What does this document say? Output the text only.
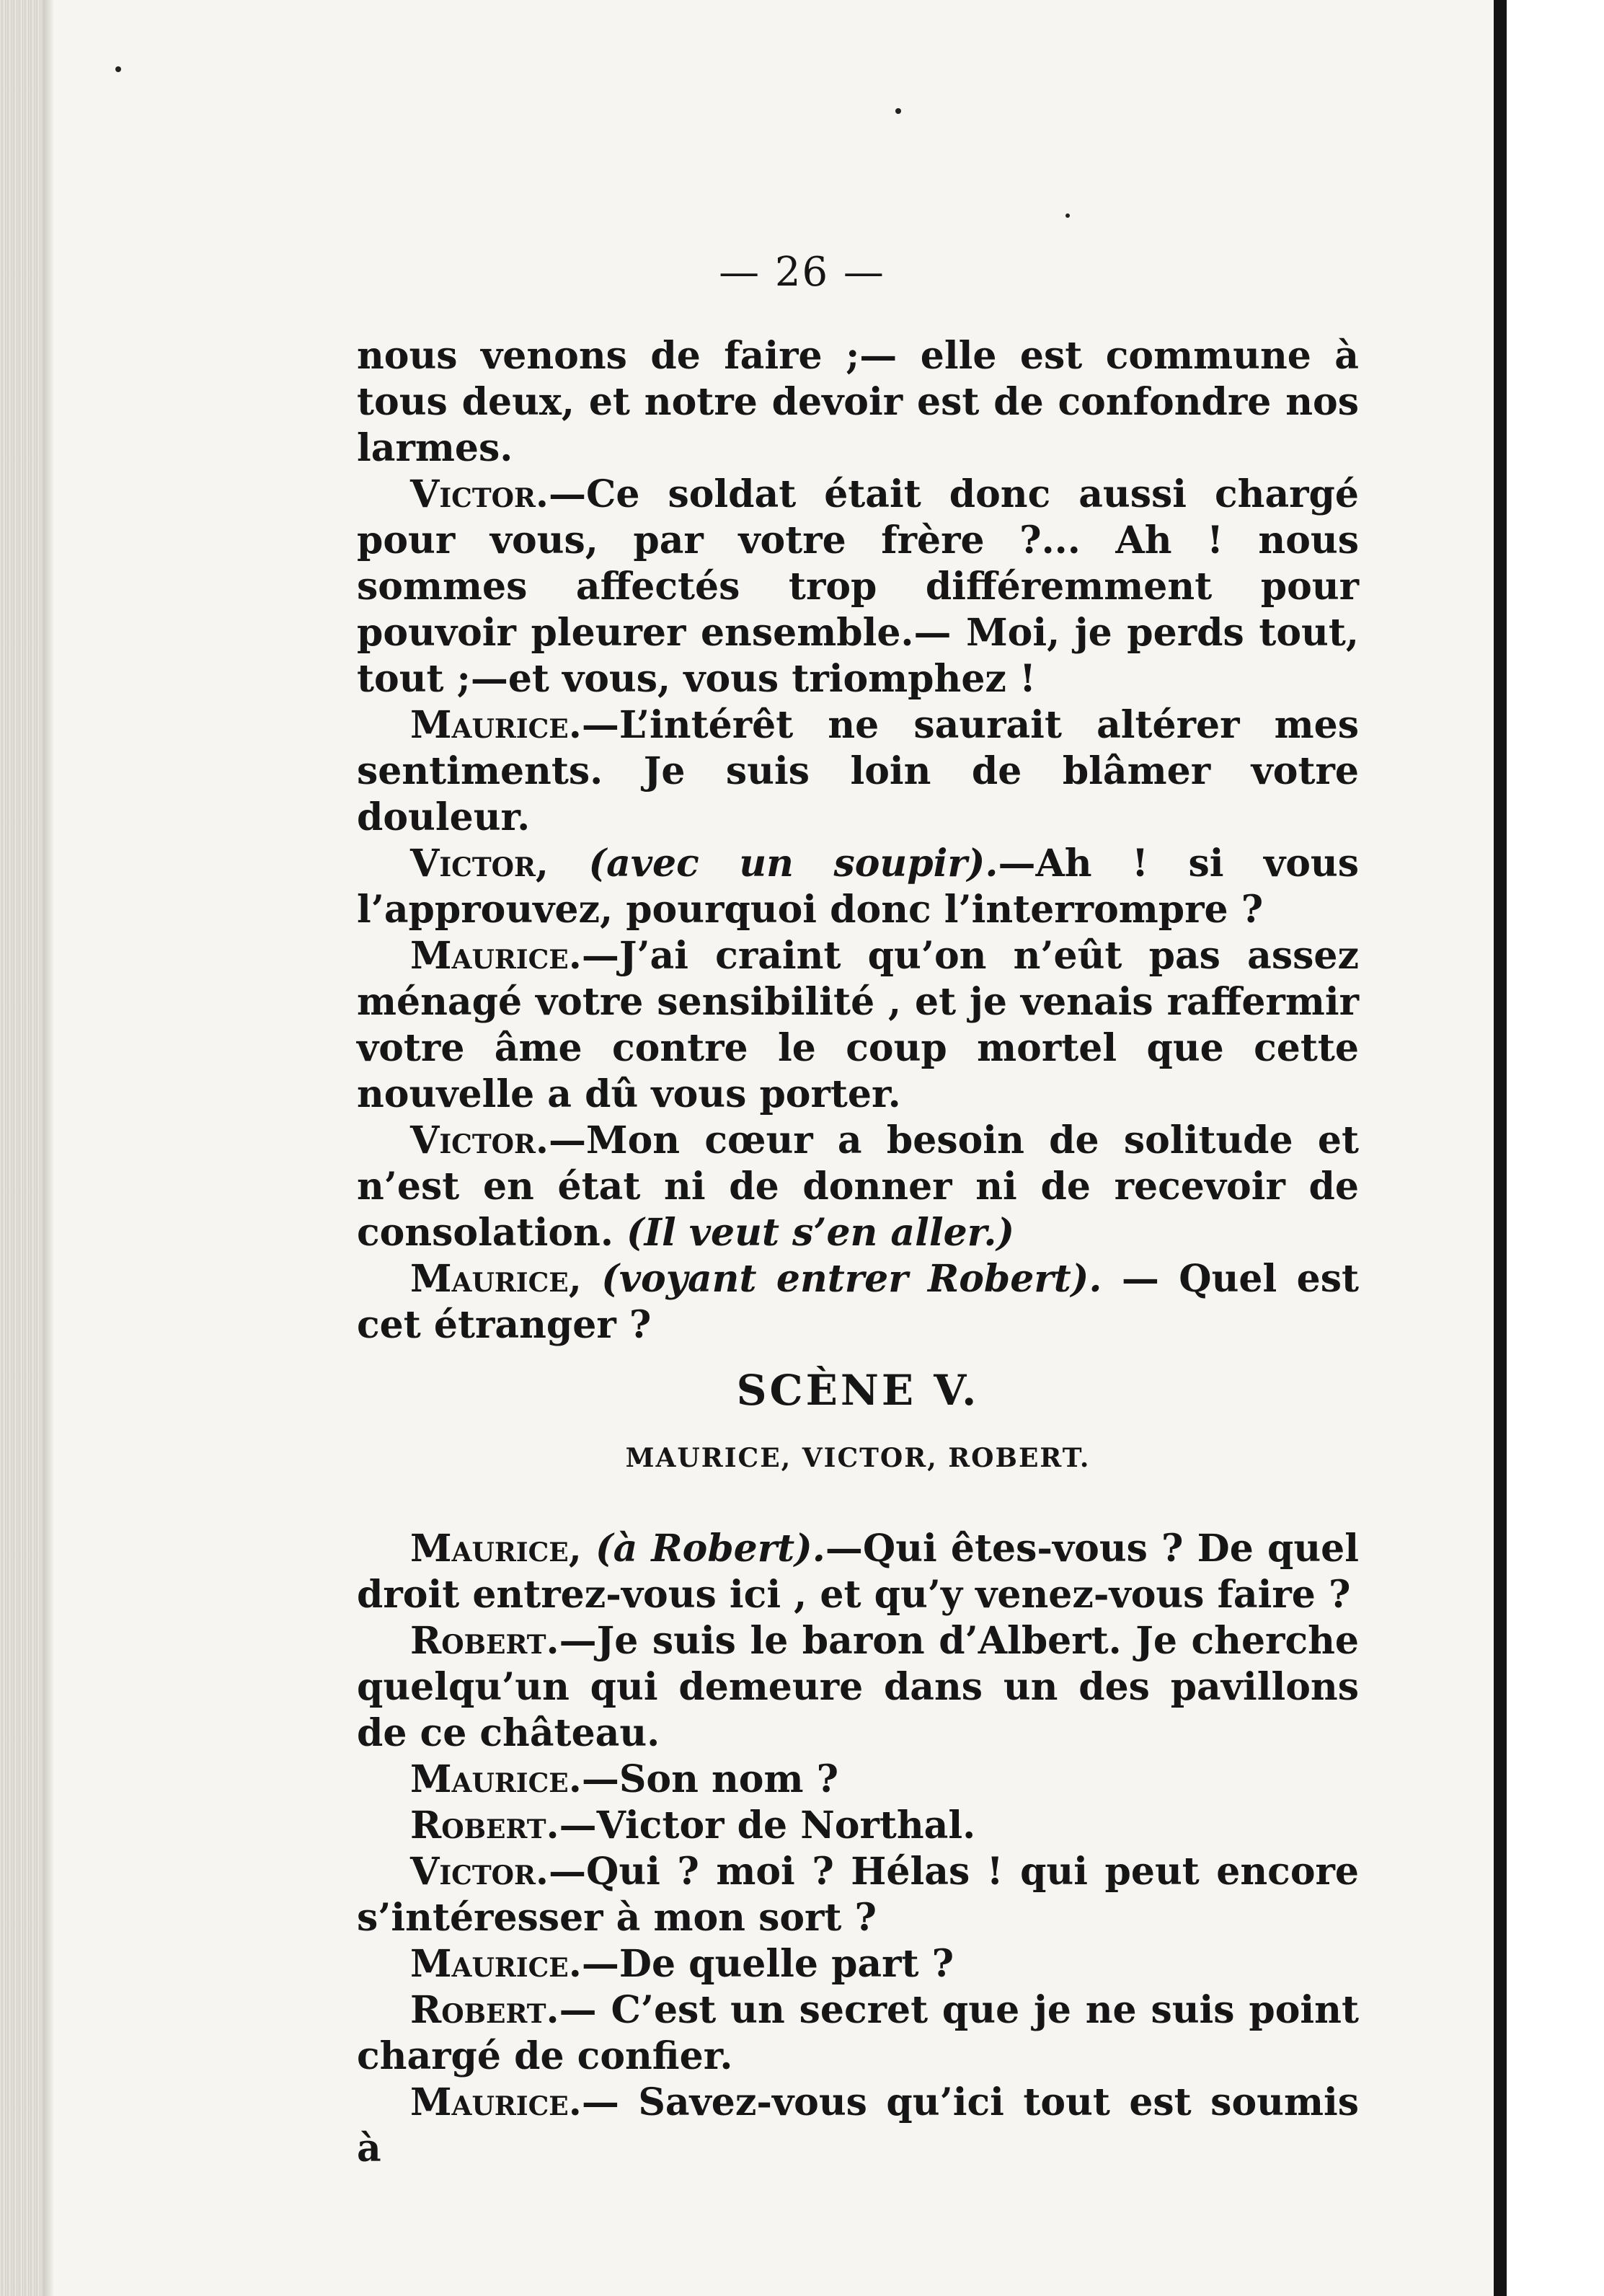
— 26 —

nous venons de faire ;— elle est commune à tous deux, et notre devoir est de confondre nos larmes.

Victor.—Ce soldat était donc aussi chargé pour vous, par votre frère ?... Ah ! nous sommes affectés trop différemment pour pouvoir pleurer ensemble.— Moi, je perds tout, tout ;—et vous, vous triomphez !

Maurice.—L’intérêt ne saurait altérer mes sentiments. Je suis loin de blâmer votre douleur.

Victor, (avec un soupir).—Ah ! si vous l’approuvez, pourquoi donc l’interrompre ?

Maurice.—J’ai craint qu’on n’eût pas assez ménagé votre sensibilité , et je venais raffermir votre âme contre le coup mortel que cette nouvelle a dû vous porter.

Victor.—Mon cœur a besoin de solitude et n’est en état ni de donner ni de recevoir de consolation. (Il veut s’en aller.)

Maurice, (voyant entrer Robert). — Quel est cet étranger ?

SCÈNE V.
MAURICE, VICTOR, ROBERT.

Maurice, (à Robert).—Qui êtes-vous ? De quel droit entrez-vous ici , et qu’y venez-vous faire ?

Robert.—Je suis le baron d’Albert. Je cherche quelqu’un qui demeure dans un des pavillons de ce château.

Maurice.—Son nom ?

Robert.—Victor de Northal.

Victor.—Qui ? moi ? Hélas ! qui peut encore s’intéresser à mon sort ?

Maurice.—De quelle part ?

Robert.— C’est un secret que je ne suis point chargé de confier.

Maurice.— Savez-vous qu’ici tout est soumis à
